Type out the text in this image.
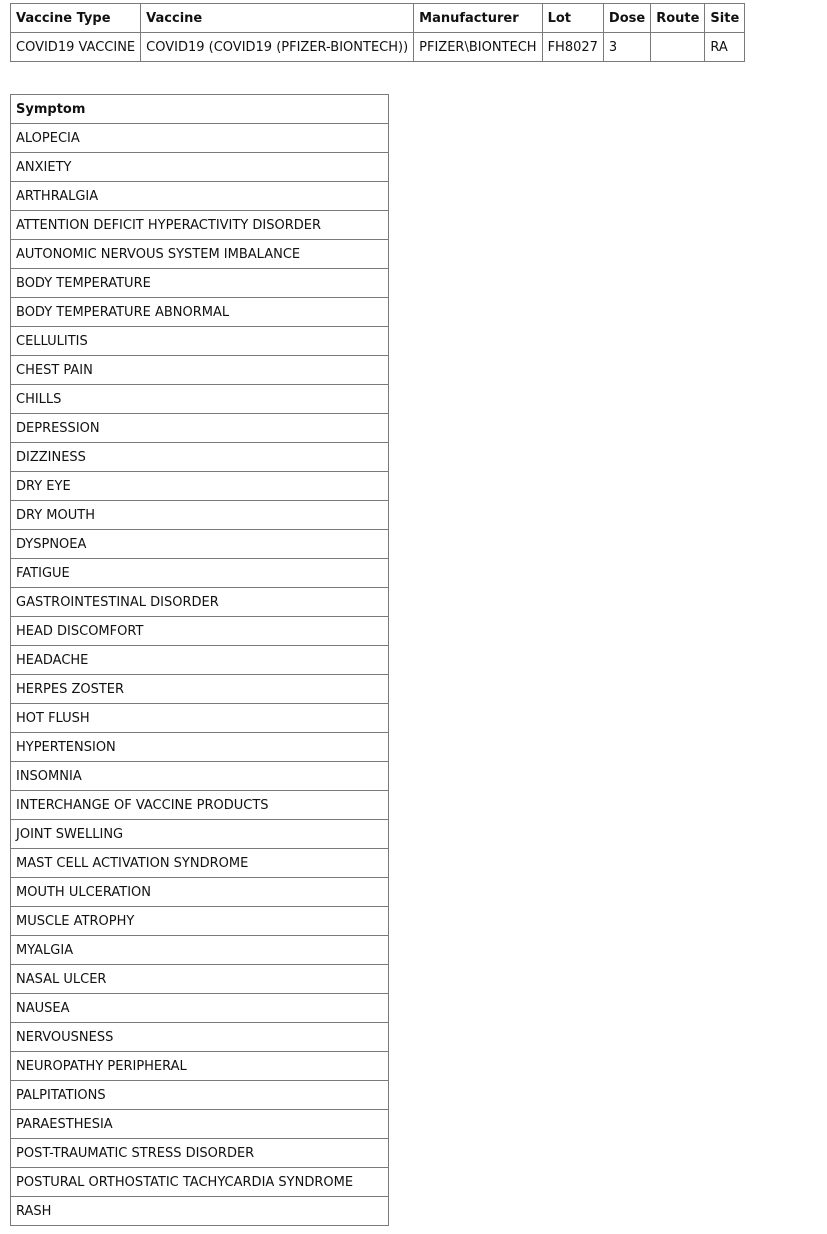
Vaccine Type	Vaccine	Manufacturer	Lot	Dose	Route	Site
COVID19 VACCINE	COVID19 (COVID19 (PFIZER-BIONTECH))	PFIZER\BIONTECH	FH8027	3		RA
Symptom
ALOPECIA
ANXIETY
ARTHRALGIA
ATTENTION DEFICIT HYPERACTIVITY DISORDER
AUTONOMIC NERVOUS SYSTEM IMBALANCE
BODY TEMPERATURE
BODY TEMPERATURE ABNORMAL
CELLULITIS
CHEST PAIN
CHILLS
DEPRESSION
DIZZINESS
DRY EYE
DRY MOUTH
DYSPNOEA
FATIGUE
GASTROINTESTINAL DISORDER
HEAD DISCOMFORT
HEADACHE
HERPES ZOSTER
HOT FLUSH
HYPERTENSION
INSOMNIA
INTERCHANGE OF VACCINE PRODUCTS
JOINT SWELLING
MAST CELL ACTIVATION SYNDROME
MOUTH ULCERATION
MUSCLE ATROPHY
MYALGIA
NASAL ULCER
NAUSEA
NERVOUSNESS
NEUROPATHY PERIPHERAL
PALPITATIONS
PARAESTHESIA
POST-TRAUMATIC STRESS DISORDER
POSTURAL ORTHOSTATIC TACHYCARDIA SYNDROME
RASH
